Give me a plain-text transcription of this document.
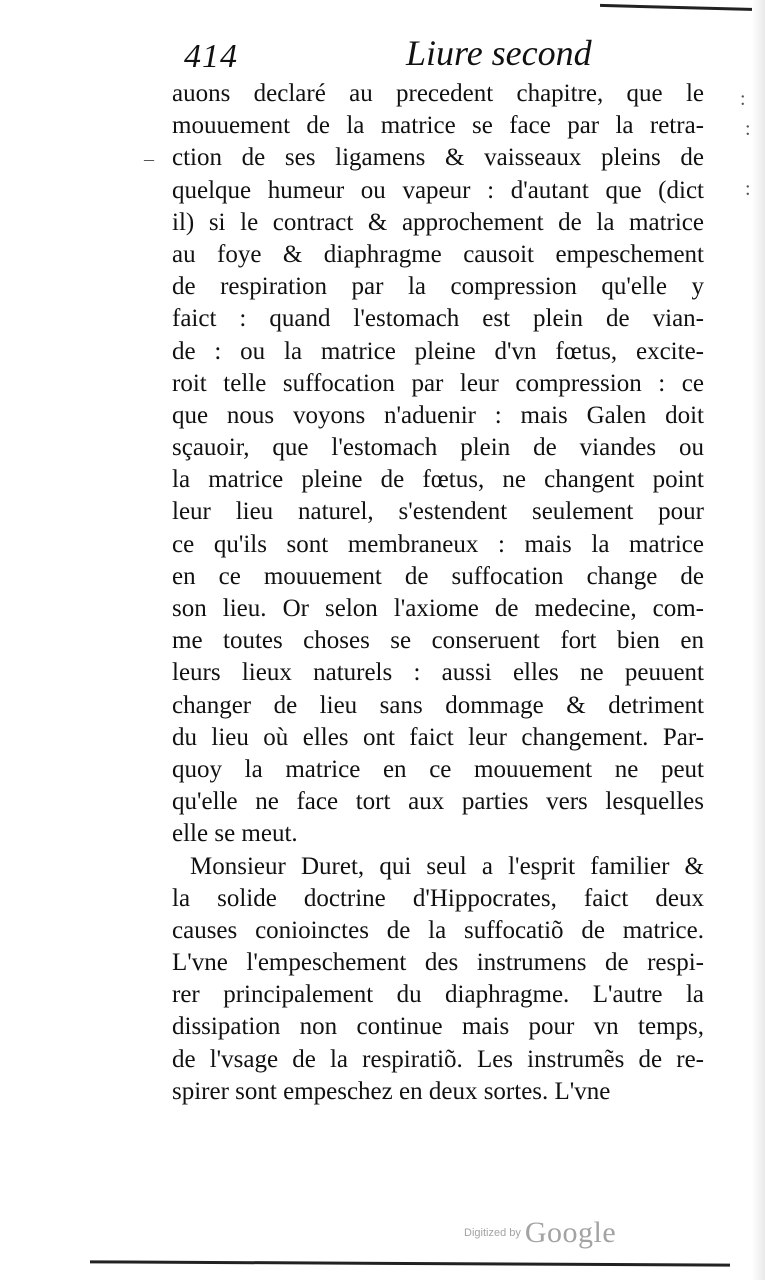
414	Liure second
:
:
:
‒
auons declaré au precedent chapitre, que le
mouuement de la matrice se face par la retra-
ction de ses ligamens & vaisseaux pleins de
quelque humeur ou vapeur : d'autant que (dict
il) si le contract & approchement de la matrice
au foye & diaphragme causoit empeschement
de respiration par la compression qu'elle y
faict : quand l'estomach est plein de vian-
de : ou la matrice pleine d'vn fœtus, excite-
roit telle suffocation par leur compression : ce
que nous voyons n'aduenir : mais Galen doit
sçauoir, que l'estomach plein de viandes ou
la matrice pleine de fœtus, ne changent point
leur lieu naturel, s'estendent seulement pour
ce qu'ils sont membraneux : mais la matrice
en ce mouuement de suffocation change de
son lieu. Or selon l'axiome de medecine, com-
me toutes choses se conseruent fort bien en
leurs lieux naturels : aussi elles ne peuuent
changer de lieu sans dommage & detriment
du lieu où elles ont faict leur changement. Par-
quoy la matrice en ce mouuement ne peut
qu'elle ne face tort aux parties vers lesquelles
elle se meut.
Monsieur Duret, qui seul a l'esprit familier &
la solide doctrine d'Hippocrates, faict deux
causes conioinctes de la suffocatiõ de matrice.
L'vne l'empeschement des instrumens de respi-
rer principalement du diaphragme. L'autre la
dissipation non continue mais pour vn temps,
de l'vsage de la respiratiõ. Les instrumẽs de re-
spirer sont empeschez en deux sortes. L'vne
Digitized by Google
